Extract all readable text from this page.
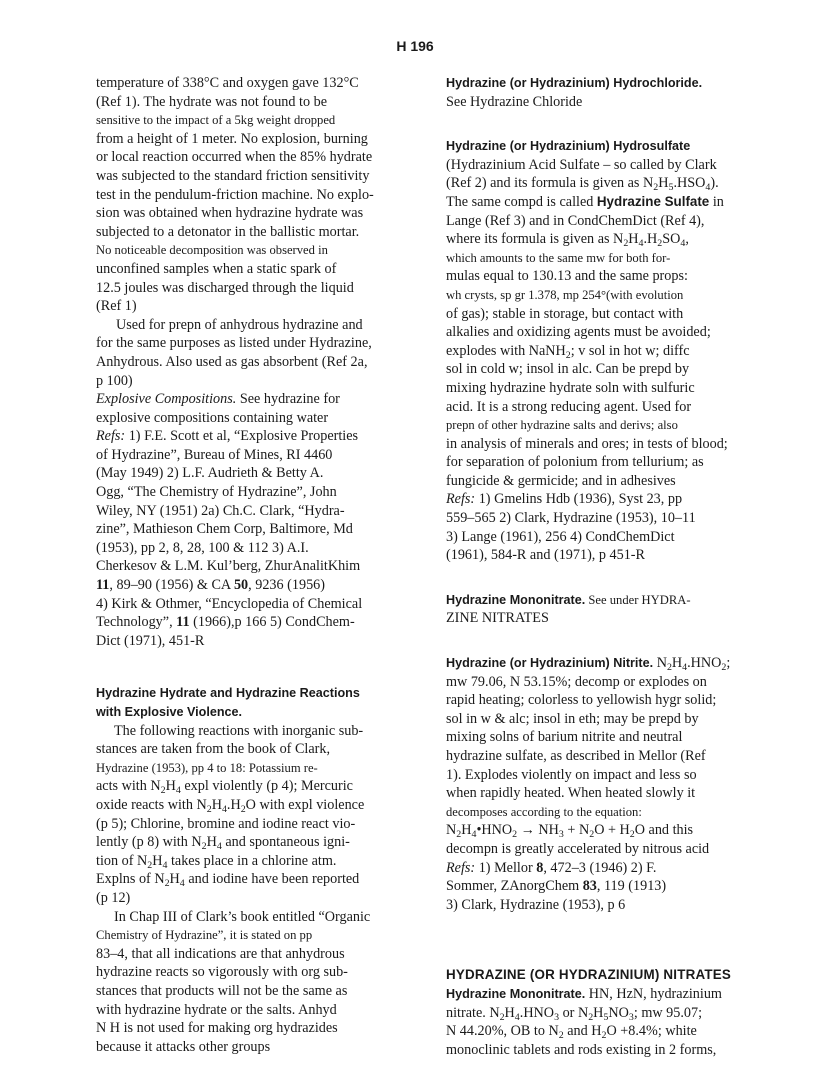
H 196
temperature of 338°C and oxygen gave 132°C
(Ref 1). The hydrate was not found to be
sensitive to the impact of a 5kg weight dropped
from a height of 1 meter. No explosion, burning
or local reaction occurred when the 85% hydrate
was subjected to the standard friction sensitivity
test in the pendulum-friction machine. No explo-
sion was obtained when hydrazine hydrate was
subjected to a detonator in the ballistic mortar.
No noticeable decomposition was observed in
unconfined samples when a static spark of
12.5 joules was discharged through the liquid
(Ref 1)
Used for prepn of anhydrous hydrazine and
for the same purposes as listed under Hydrazine,
Anhydrous. Also used as gas absorbent (Ref 2a,
p 100)
Explosive Compositions. See hydrazine for
explosive compositions containing water
Refs: 1) F.E. Scott et al, “Explosive Properties
of Hydrazine”, Bureau of Mines, RI 4460
(May 1949) 2) L.F. Audrieth & Betty A.
Ogg, “The Chemistry of Hydrazine”, John
Wiley, NY (1951) 2a) Ch.C. Clark, “Hydra-
zine”, Mathieson Chem Corp, Baltimore, Md
(1953), pp 2, 8, 28, 100 & 112 3) A.I.
Cherkesov & L.M. Kul’berg, ZhurAnalitKhim
11, 89–90 (1956) & CA 50, 9236 (1956)
4) Kirk & Othmer, “Encyclopedia of Chemical
Technology”, 11 (1966),p 166 5) CondChem-
Dict (1971), 451-R
Hydrazine Hydrate and Hydrazine Reactions
with Explosive Violence.
The following reactions with inorganic sub-
stances are taken from the book of Clark,
Hydrazine (1953), pp 4 to 18: Potassium re-
acts with $N_2H_4$ expl violently (p 4); Mercuric
oxide reacts with $N_2H_4.H_2O$ with expl violence
(p 5); Chlorine, bromine and iodine react vio-
lently (p 8) with $N_2H_4$ and spontaneous igni-
tion of $N_2H_4$ takes place in a chlorine atm.
Explns of $N_2H_4$ and iodine have been reported
(p 12)
In Chap III of Clark’s book entitled “Organic
Chemistry of Hydrazine”, it is stated on pp
83–4, that all indications are that anhydrous
hydrazine reacts so vigorously with org sub-
stances that products will not be the same as
with hydrazine hydrate or the salts. Anhyd
N H is not used for making org hydrazides
because it attacks other groups
Hydrazine (or Hydrazinium) Hydrochloride.
See Hydrazine Chloride
Hydrazine (or Hydrazinium) Hydrosulfate
(Hydrazinium Acid Sulfate – so called by Clark
(Ref 2) and its formula is given as $N_2H_5.HSO_4$).
The same compd is called Hydrazine Sulfate in
Lange (Ref 3) and in CondChemDict (Ref 4),
where its formula is given as $N_2H_4.H_2SO_4$,
which amounts to the same mw for both for-
mulas equal to 130.13 and the same props:
wh crysts, sp gr 1.378, mp 254°(with evolution
of gas); stable in storage, but contact with
alkalies and oxidizing agents must be avoided;
explodes with NaNH$_2$; v sol in hot w; diffc
sol in cold w; insol in alc. Can be prepd by
mixing hydrazine hydrate soln with sulfuric
acid. It is a strong reducing agent. Used for
prepn of other hydrazine salts and derivs; also
in analysis of minerals and ores; in tests of blood;
for separation of polonium from tellurium; as
fungicide & germicide; and in adhesives
Refs: 1) Gmelins Hdb (1936), Syst 23, pp
559–565 2) Clark, Hydrazine (1953), 10–11
3) Lange (1961), 256 4) CondChemDict
(1961), 584-R and (1971), p 451-R
Hydrazine Mononitrate. See under HYDRA-
ZINE NITRATES
Hydrazine (or Hydrazinium) Nitrite. $N_2H_4.HNO_2$;
mw 79.06, N 53.15%; decomp or explodes on
rapid heating; colorless to yellowish hygr solid;
sol in w & alc; insol in eth; may be prepd by
mixing solns of barium nitrite and neutral
hydrazine sulfate, as described in Mellor (Ref
1). Explodes violently on impact and less so
when rapidly heated. When heated slowly it
decomposes according to the equation:
$N_2H_4•HNO_2 \to NH_3 + N_2O + H_2O$ and this
decompn is greatly accelerated by nitrous acid
Refs: 1) Mellor 8, 472–3 (1946) 2) F.
Sommer, ZAnorgChem 83, 119 (1913)
3) Clark, Hydrazine (1953), p 6
HYDRAZINE (OR HYDRAZINIUM) NITRATES
Hydrazine Mononitrate. HN, HzN, hydrazinium
nitrate. $N_2H_4.HNO_3$ or $N_2H_5NO_3$; mw 95.07;
N 44.20%, OB to $N_2$ and $H_2O +8.4\%$; white
monoclinic tablets and rods existing in 2 forms,
